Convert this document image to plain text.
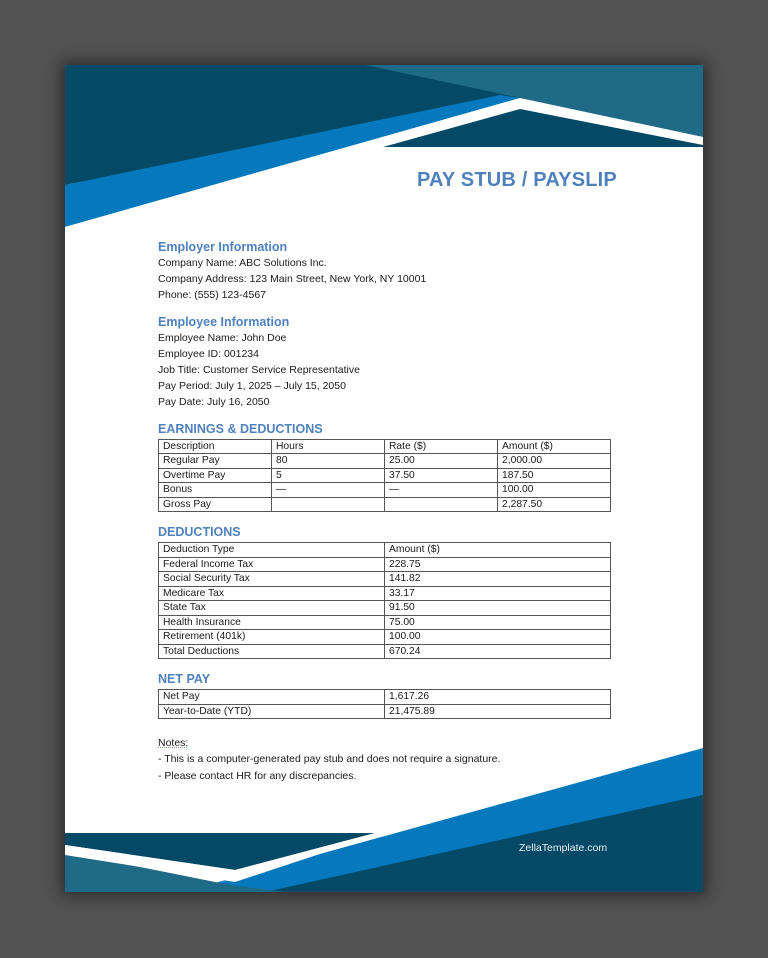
PAY STUB / PAYSLIP
Employer Information
Company Name: ABC Solutions Inc.
Company Address: 123 Main Street, New York, NY 10001
Phone: (555) 123-4567
Employee Information
Employee Name: John Doe
Employee ID: 001234
Job Title: Customer Service Representative
Pay Period: July 1, 2025 – July 15, 2050
Pay Date: July 16, 2050
EARNINGS & DEDUCTIONS
Description	Hours	Rate ($)	Amount ($)
Regular Pay	80	25.00	2,000.00
Overtime Pay	5	37.50	187.50
Bonus	—	—	100.00
Gross Pay			2,287.50
DEDUCTIONS
Deduction Type	Amount ($)
Federal Income Tax	228.75
Social Security Tax	141.82
Medicare Tax	33.17
State Tax	91.50
Health Insurance	75.00
Retirement (401k)	100.00
Total Deductions	670.24
NET PAY
Net Pay	1,617.26
Year-to-Date (YTD)	21,475.89
Notes:
- This is a computer-generated pay stub and does not require a signature.
- Please contact HR for any discrepancies.
ZellaTemplate.com
